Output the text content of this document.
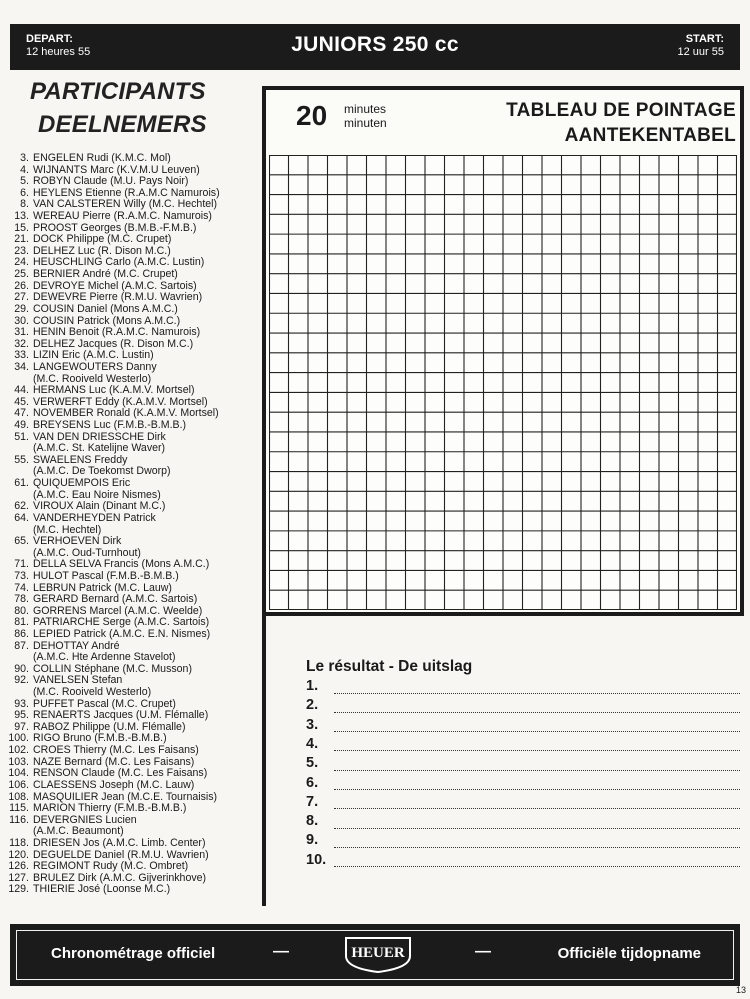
DEPART:
12 heures 55	JUNIORS 250 cc	START:
12 uur 55
PARTICIPANTS
DEELNEMERS
3. ENGELEN Rudi (K.M.C. Mol)
4. WIJNANTS Marc (K.V.M.U Leuven)
5. ROBYN Claude (M.U. Pays Noir)
6. HEYLENS Etienne (R.A.M.C Namurois)
8. VAN CALSTEREN Willy (M.C. Hechtel)
13. WEREAU Pierre (R.A.M.C. Namurois)
15. PROOST Georges (B.M.B.-F.M.B.)
21. DOCK Philippe (M.C. Crupet)
23. DELHEZ Luc (R. Dison M.C.)
24. HEUSCHLING Carlo (A.M.C. Lustin)
25. BERNIER André (M.C. Crupet)
26. DEVROYE Michel (A.M.C. Sartois)
27. DEWEVRE Pierre (R.M.U. Wavrien)
29. COUSIN Daniel (Mons A.M.C.)
30. COUSIN Patrick (Mons A.M.C.)
31. HENIN Benoit (R.A.M.C. Namurois)
32. DELHEZ Jacques (R. Dison M.C.)
33. LIZIN Eric (A.M.C. Lustin)
34. LANGEWOUTERS Danny
(M.C. Rooiveld Westerlo)
44. HERMANS Luc (K.A.M.V. Mortsel)
45. VERWERFT Eddy (K.A.M.V. Mortsel)
47. NOVEMBER Ronald (K.A.M.V. Mortsel)
49. BREYSENS Luc (F.M.B.-B.M.B.)
51. VAN DEN DRIESSCHE Dirk
(A.M.C. St. Katelijne Waver)
55. SWAELENS Freddy
(A.M.C. De Toekomst Dworp)
61. QUIQUEMPOIS Eric
(A.M.C. Eau Noire Nismes)
62. VIROUX Alain (Dinant M.C.)
64. VANDERHEYDEN Patrick
(M.C. Hechtel)
65. VERHOEVEN Dirk
(A.M.C. Oud-Turnhout)
71. DELLA SELVA Francis (Mons A.M.C.)
73. HULOT Pascal (F.M.B.-B.M.B.)
74. LEBRUN Patrick (M.C. Lauw)
78. GERARD Bernard (A.M.C. Sartois)
80. GORRENS Marcel (A.M.C. Weelde)
81. PATRIARCHE Serge (A.M.C. Sartois)
86. LEPIED Patrick (A.M.C. E.N. Nismes)
87. DEHOTTAY André
(A.M.C. Hte Ardenne Stavelot)
90. COLLIN Stéphane (M.C. Musson)
92. VANELSEN Stefan
(M.C. Rooiveld Westerlo)
93. PUFFET Pascal (M.C. Crupet)
95. RENAERTS Jacques (U.M. Flémalle)
97. RABOZ Philippe (U.M. Flémalle)
100. RIGO Bruno (F.M.B.-B.M.B.)
102. CROES Thierry (M.C. Les Faisans)
103. NAZE Bernard (M.C. Les Faisans)
104. RENSON Claude (M.C. Les Faisans)
106. CLAESSENS Joseph (M.C. Lauw)
108. MASQUILIER Jean (M.C.E. Tournaisis)
115. MARION Thierry (F.M.B.-B.M.B.)
116. DEVERGNIES Lucien
(A.M.C. Beaumont)
118. DRIESEN Jos (A.M.C. Limb. Center)
120. DEGUELDE Daniel (R.M.U. Wavrien)
126. REGIMONT Rudy (M.C. Ombret)
127. BRULEZ Dirk (A.M.C. Gijverinkhove)
129. THIERIE José (Loonse M.C.)
20 minutes
minuten
TABLEAU DE POINTAGE
AANTEKENTABEL
Le résultat - De uitslag
1.
2.
3.
4.
5.
6.
7.
8.
9.
10.
Chronométrage officiel	—	HEUER	—	Officiële tijdopname
13
